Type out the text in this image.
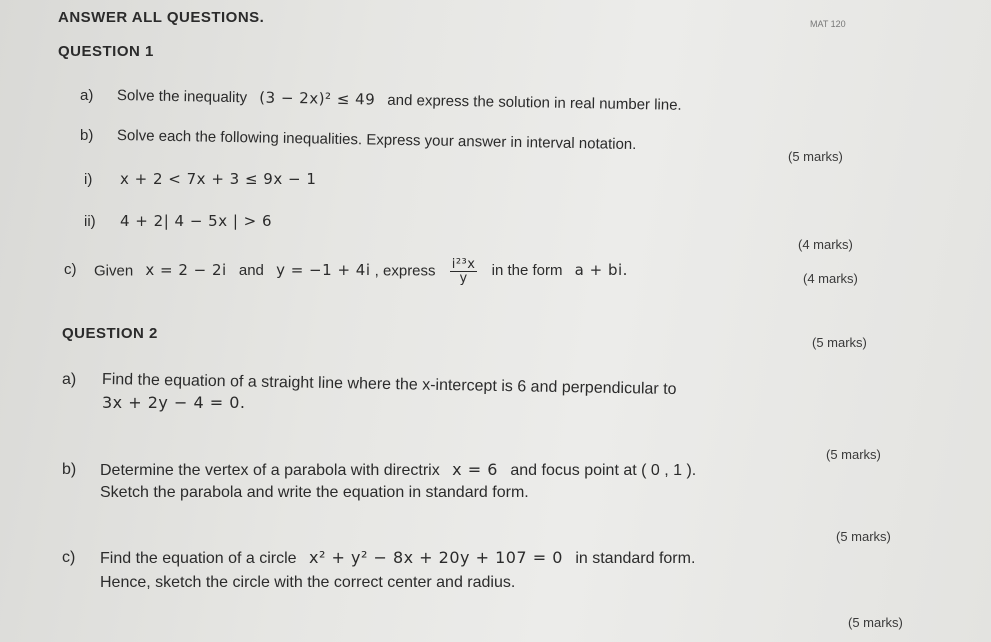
ANSWER ALL QUESTIONS.	MAT 120
QUESTION 1
a) Solve the inequality (3 − 2x)² ≤ 49 and express the solution in real number line.
b) Solve each the following inequalities. Express your answer in interval notation.
(5 marks)
i) x + 2 < 7x + 3 ≤ 9x − 1
ii) 4 + 2| 4 − 5x | > 6
(4 marks)
c) Given x = 2 − 2i and y = −1 + 4i , express $\frac{\text{i²³x}}{y}$ in the form a + bi.	(4 marks)
QUESTION 2
(5 marks)
a) Find the equation of a straight line where the x-intercept is 6 and perpendicular to
3x + 2y − 4 = 0.
(5 marks)
b) Determine the vertex of a parabola with directrix x = 6 and focus point at ( 0 , 1 ).
Sketch the parabola and write the equation in standard form.
(5 marks)
c) Find the equation of a circle x² + y² − 8x + 20y + 107 = 0 in standard form.
Hence, sketch the circle with the correct center and radius.
(5 marks)
